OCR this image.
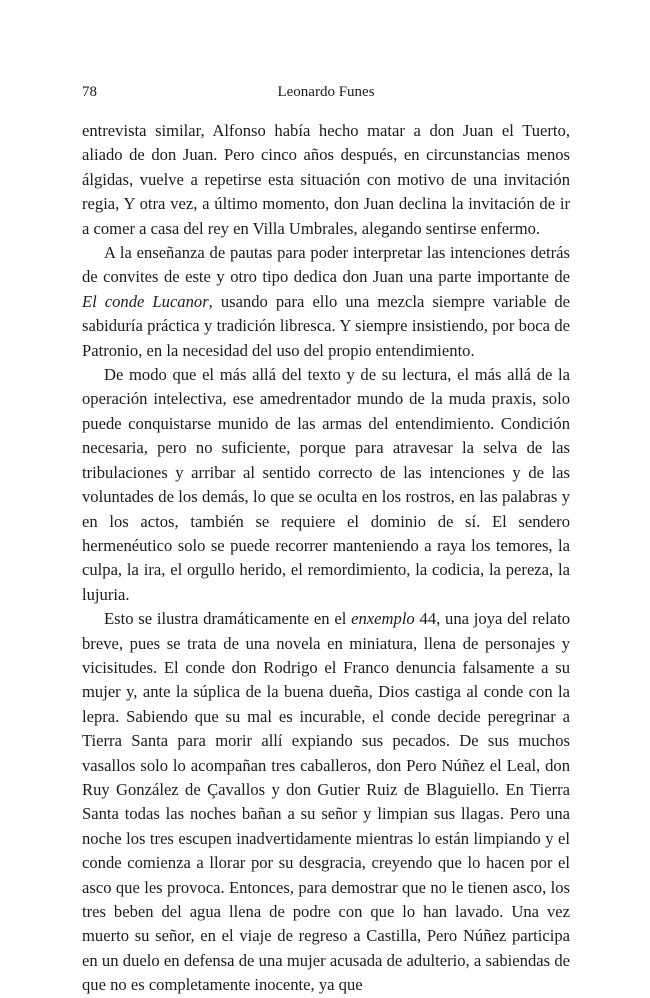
78	Leonardo Funes

entrevista similar, Alfonso había hecho matar a don Juan el Tuerto, aliado de don Juan. Pero cinco años después, en circunstancias menos álgidas, vuelve a repetirse esta situación con motivo de una invitación regia, Y otra vez, a último momento, don Juan declina la invitación de ir a comer a casa del rey en Villa Umbrales, alegando sentirse enfermo.

A la enseñanza de pautas para poder interpretar las intenciones detrás de convites de este y otro tipo dedica don Juan una parte importante de El conde Lucanor, usando para ello una mezcla siempre variable de sabiduría práctica y tradición libresca. Y siempre insistiendo, por boca de Patronio, en la necesidad del uso del propio entendimiento.

De modo que el más allá del texto y de su lectura, el más allá de la operación intelectiva, ese amedrentador mundo de la muda praxis, solo puede conquistarse munido de las armas del entendimiento. Condición necesaria, pero no suficiente, porque para atravesar la selva de las tribulaciones y arribar al sentido correcto de las intenciones y de las voluntades de los demás, lo que se oculta en los rostros, en las palabras y en los actos, también se requiere el dominio de sí. El sendero hermenéutico solo se puede recorrer manteniendo a raya los temores, la culpa, la ira, el orgullo herido, el remordimiento, la codicia, la pereza, la lujuria.

Esto se ilustra dramáticamente en el enxemplo 44, una joya del relato breve, pues se trata de una novela en miniatura, llena de personajes y vicisitudes. El conde don Rodrigo el Franco denuncia falsamente a su mujer y, ante la súplica de la buena dueña, Dios castiga al conde con la lepra. Sabiendo que su mal es incurable, el conde decide peregrinar a Tierra Santa para morir allí expiando sus pecados. De sus muchos vasallos solo lo acompañan tres caballeros, don Pero Núñez el Leal, don Ruy González de Çavallos y don Gutier Ruiz de Blaguiello. En Tierra Santa todas las noches bañan a su señor y limpian sus llagas. Pero una noche los tres escupen inadvertidamente mientras lo están limpiando y el conde comienza a llorar por su desgracia, creyendo que lo hacen por el asco que les provoca. Entonces, para demostrar que no le tienen asco, los tres beben del agua llena de podre con que lo han lavado. Una vez muerto su señor, en el viaje de regreso a Castilla, Pero Núñez participa en un duelo en defensa de una mujer acusada de adulterio, a sabiendas de que no es completamente inocente, ya que
